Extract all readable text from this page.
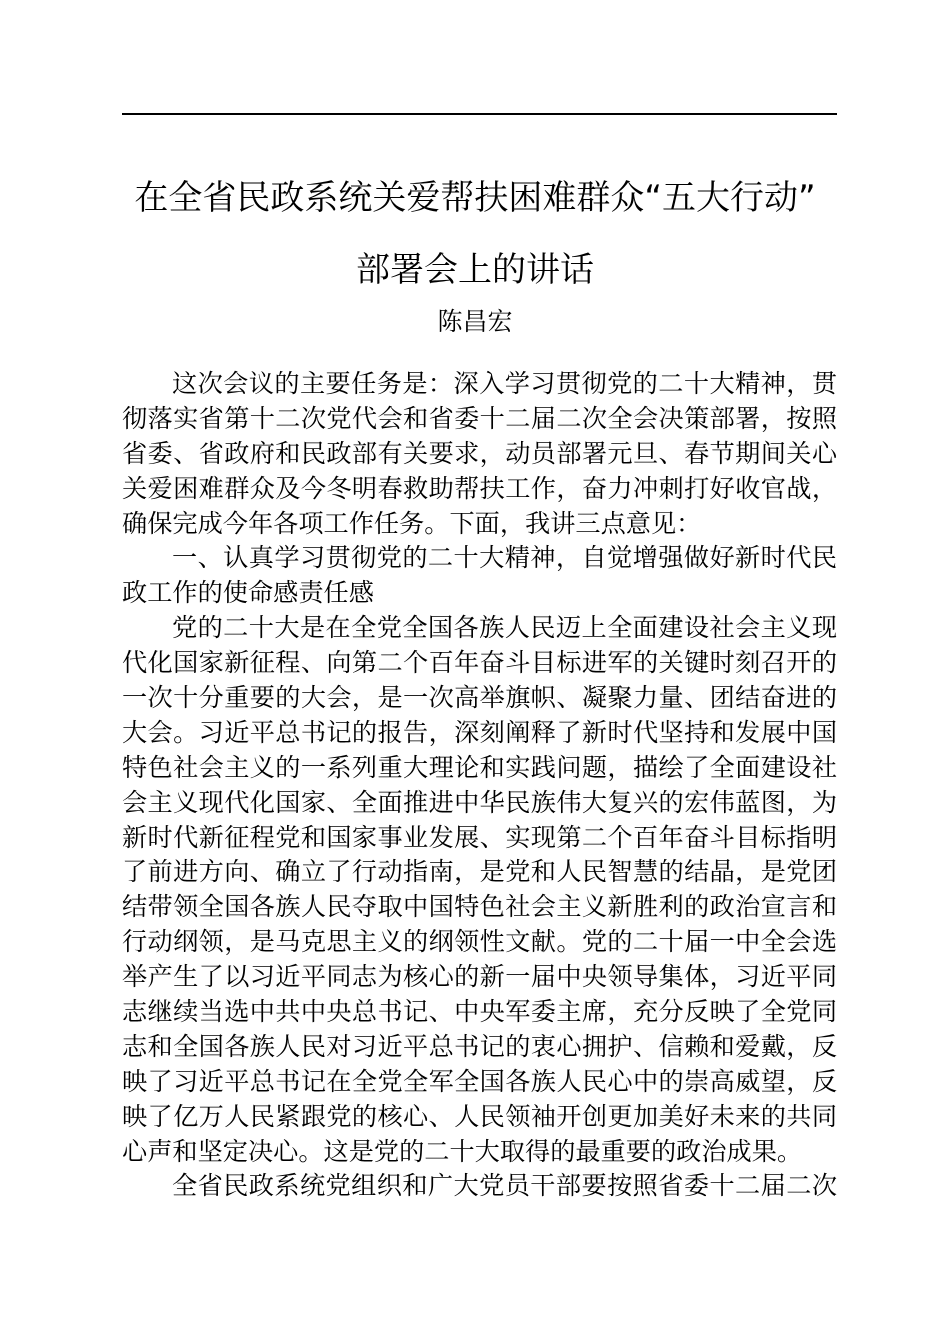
在全省民政系统关爱帮扶困难群众“五大行动”
部署会上的讲话
陈昌宏
这次会议的主要任务是：深入学习贯彻党的二十大精神，贯
彻落实省第十二次党代会和省委十二届二次全会决策部署，按照
省委、省政府和民政部有关要求，动员部署元旦、春节期间关心
关爱困难群众及今冬明春救助帮扶工作，奋力冲刺打好收官战，
确保完成今年各项工作任务。下面，我讲三点意见：
一、认真学习贯彻党的二十大精神，自觉增强做好新时代民
政工作的使命感责任感
党的二十大是在全党全国各族人民迈上全面建设社会主义现
代化国家新征程、向第二个百年奋斗目标进军的关键时刻召开的
一次十分重要的大会，是一次高举旗帜、凝聚力量、团结奋进的
大会。习近平总书记的报告，深刻阐释了新时代坚持和发展中国
特色社会主义的一系列重大理论和实践问题，描绘了全面建设社
会主义现代化国家、全面推进中华民族伟大复兴的宏伟蓝图，为
新时代新征程党和国家事业发展、实现第二个百年奋斗目标指明
了前进方向、确立了行动指南，是党和人民智慧的结晶，是党团
结带领全国各族人民夺取中国特色社会主义新胜利的政治宣言和
行动纲领，是马克思主义的纲领性文献。党的二十届一中全会选
举产生了以习近平同志为核心的新一届中央领导集体，习近平同
志继续当选中共中央总书记、中央军委主席，充分反映了全党同
志和全国各族人民对习近平总书记的衷心拥护、信赖和爱戴，反
映了习近平总书记在全党全军全国各族人民心中的崇高威望，反
映了亿万人民紧跟党的核心、人民领袖开创更加美好未来的共同
心声和坚定决心。这是党的二十大取得的最重要的政治成果。
全省民政系统党组织和广大党员干部要按照省委十二届二次
